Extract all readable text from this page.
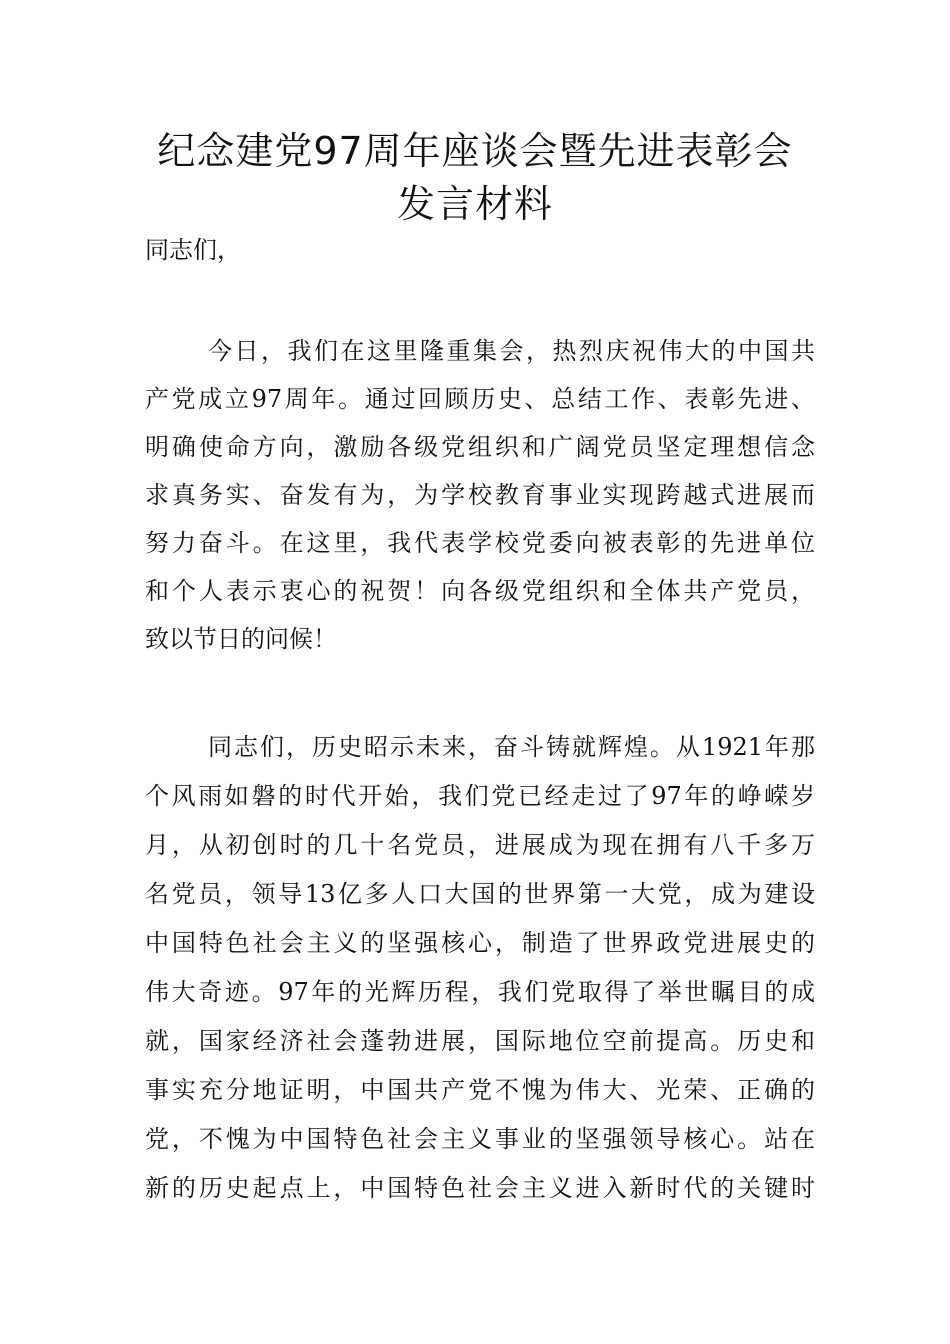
纪念建党97周年座谈会暨先进表彰会
发言材料
同志们，
今日，我们在这里隆重集会，热烈庆祝伟大的中国共
产党成立97周年。通过回顾历史、总结工作、表彰先进、
明确使命方向，激励各级党组织和广阔党员坚定理想信念
求真务实、奋发有为，为学校教育事业实现跨越式进展而
努力奋斗。在这里，我代表学校党委向被表彰的先进单位
和个人表示衷心的祝贺！向各级党组织和全体共产党员，
致以节日的问候！
同志们，历史昭示未来，奋斗铸就辉煌。从1921年那
个风雨如磐的时代开始，我们党已经走过了97年的峥嵘岁
月，从初创时的几十名党员，进展成为现在拥有八千多万
名党员，领导13亿多人口大国的世界第一大党，成为建设
中国特色社会主义的坚强核心，制造了世界政党进展史的
伟大奇迹。97年的光辉历程，我们党取得了举世瞩目的成
就，国家经济社会蓬勃进展，国际地位空前提高。历史和
事实充分地证明，中国共产党不愧为伟大、光荣、正确的
党，不愧为中国特色社会主义事业的坚强领导核心。站在
新的历史起点上，中国特色社会主义进入新时代的关键时
